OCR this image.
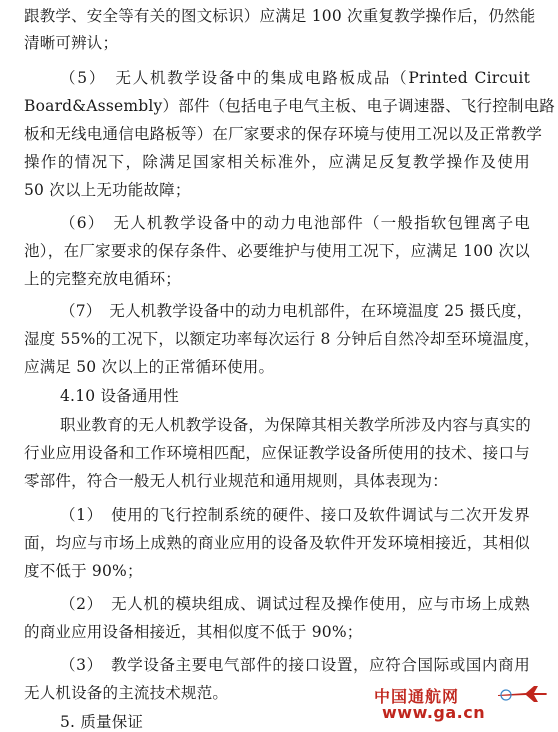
跟教学、安全等有关的图文标识）应满足 100 次重复教学操作后，仍然能
清晰可辨认；
（5）　无人机教学设备中的集成电路板成品（Printed Circuit
Board&Assembly）部件（包括电子电气主板、电子调速器、飞行控制电路
板和无线电通信电路板等）在厂家要求的保存环境与使用工况以及正常教学
操作的情况下，除满足国家相关标准外，应满足反复教学操作及使用
50 次以上无功能故障；
（6）　无人机教学设备中的动力电池部件（一般指软包锂离子电
池），在厂家要求的保存条件、必要维护与使用工况下，应满足 100 次以
上的完整充放电循环；
（7）　无人机教学设备中的动力电机部件，在环境温度 25 摄氏度，
湿度 55%的工况下，以额定功率每次运行 8 分钟后自然冷却至环境温度，
应满足 50 次以上的正常循环使用。
4.10 设备通用性
职业教育的无人机教学设备，为保障其相关教学所涉及内容与真实的
行业应用设备和工作环境相匹配，应保证教学设备所使用的技术、接口与
零部件，符合一般无人机行业规范和通用规则，具体表现为：
（1）　使用的飞行控制系统的硬件、接口及软件调试与二次开发界
面，均应与市场上成熟的商业应用的设备及软件开发环境相接近，其相似
度不低于 90%；
（2）　无人机的模块组成、调试过程及操作使用，应与市场上成熟
的商业应用设备相接近，其相似度不低于 90%；
（3）　教学设备主要电气部件的接口设置，应符合国际或国内商用
无人机设备的主流技术规范。
5. 质量保证
中国通航网
www.ga.cn
